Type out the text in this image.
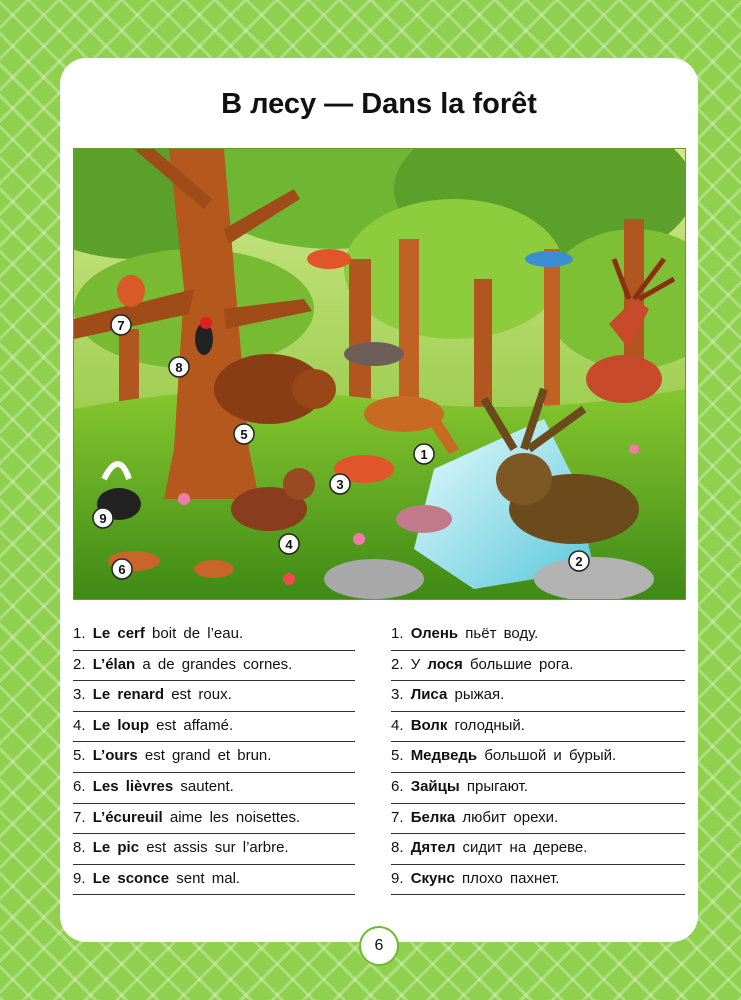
В лесу — Dans la forêt
1
2
3
4
5
6
7
8
9
1. Le cerf boit de l’eau.
2. L’élan a de grandes cornes.
3. Le renard est roux.
4. Le loup est affamé.
5. L’ours est grand et brun.
6. Les lièvres sautent.
7. L’écureuil aime les noisettes.
8. Le pic est assis sur l’arbre.
9. Le sconce sent mal.
1. Олень пьёт воду.
2. У лося большие рога.
3. Лиса рыжая.
4. Волк голодный.
5. Медведь большой и бурый.
6. Зайцы прыгают.
7. Белка любит орехи.
8. Дятел сидит на дереве.
9. Скунс плохо пахнет.
6
